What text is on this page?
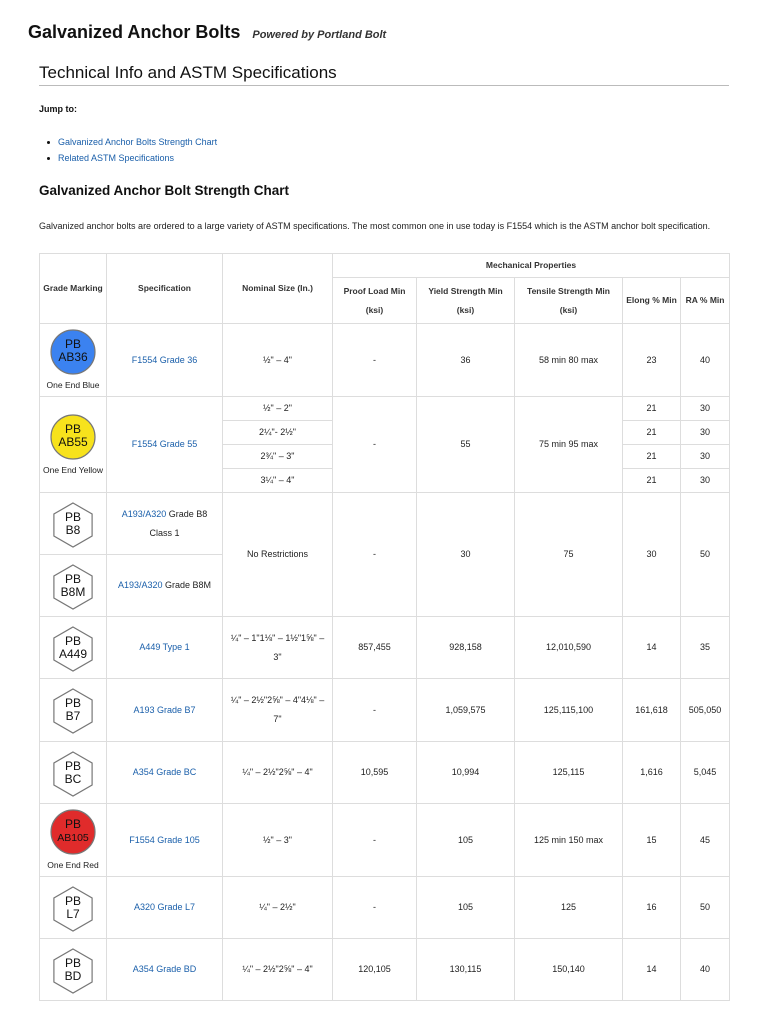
Galvanized Anchor Bolts Powered by Portland Bolt
Technical Info and ASTM Specifications
Jump to:
Galvanized Anchor Bolts Strength Chart
Related ASTM Specifications
Galvanized Anchor Bolt Strength Chart
Galvanized anchor bolts are ordered to a large variety of ASTM specifications. The most common one in use today is F1554 which is the ASTM anchor bolt specification.
Grade Marking	Specification	Nominal Size (In.)	Mechanical Properties				
			Proof Load Min (ksi)	Yield Strength Min (ksi)	Tensile Strength Min (ksi)	Elong % Min	RA % Min

PB
AB36
One End Blue	F1554 Grade 36	½" – 4"	-	36	58 min 80 max	23	40

PB
AB55
One End Yellow	F1554 Grade 55	½" – 2"	-	55	75 min 95 max	21	30
		2¼"- 2½"				21	30
		2¾" – 3"				21	30
		3¼" – 4"				21	30

PB
B8	A193/A320 Grade B8 Class 1	No Restrictions	-	30	75	30	50

PB
B8M	A193/A320 Grade B8M						

PB
A449	A449 Type 1	¼" – 1"1⅛" – 1½"1⅝" – 3"	857,455	928,158	12,010,590	14	35

PB
B7	A193 Grade B7	¼" – 2½"2⅝" – 4"4⅛" – 7"	-	1,059,575	125,115,100	161,618	505,050

PB
BC	A354 Grade BC	¼" – 2½"2⅝" – 4"	10,595	10,994	125,115	1,616	5,045

PB
AB105
One End Red	F1554 Grade 105	½" – 3"	-	105	125 min 150 max	15	45

PB
L7	A320 Grade L7	¼" – 2½"	-	105	125	16	50

PB
BD	A354 Grade BD	¼" – 2½"2⅝" – 4"	120,105	130,115	150,140	14	40
